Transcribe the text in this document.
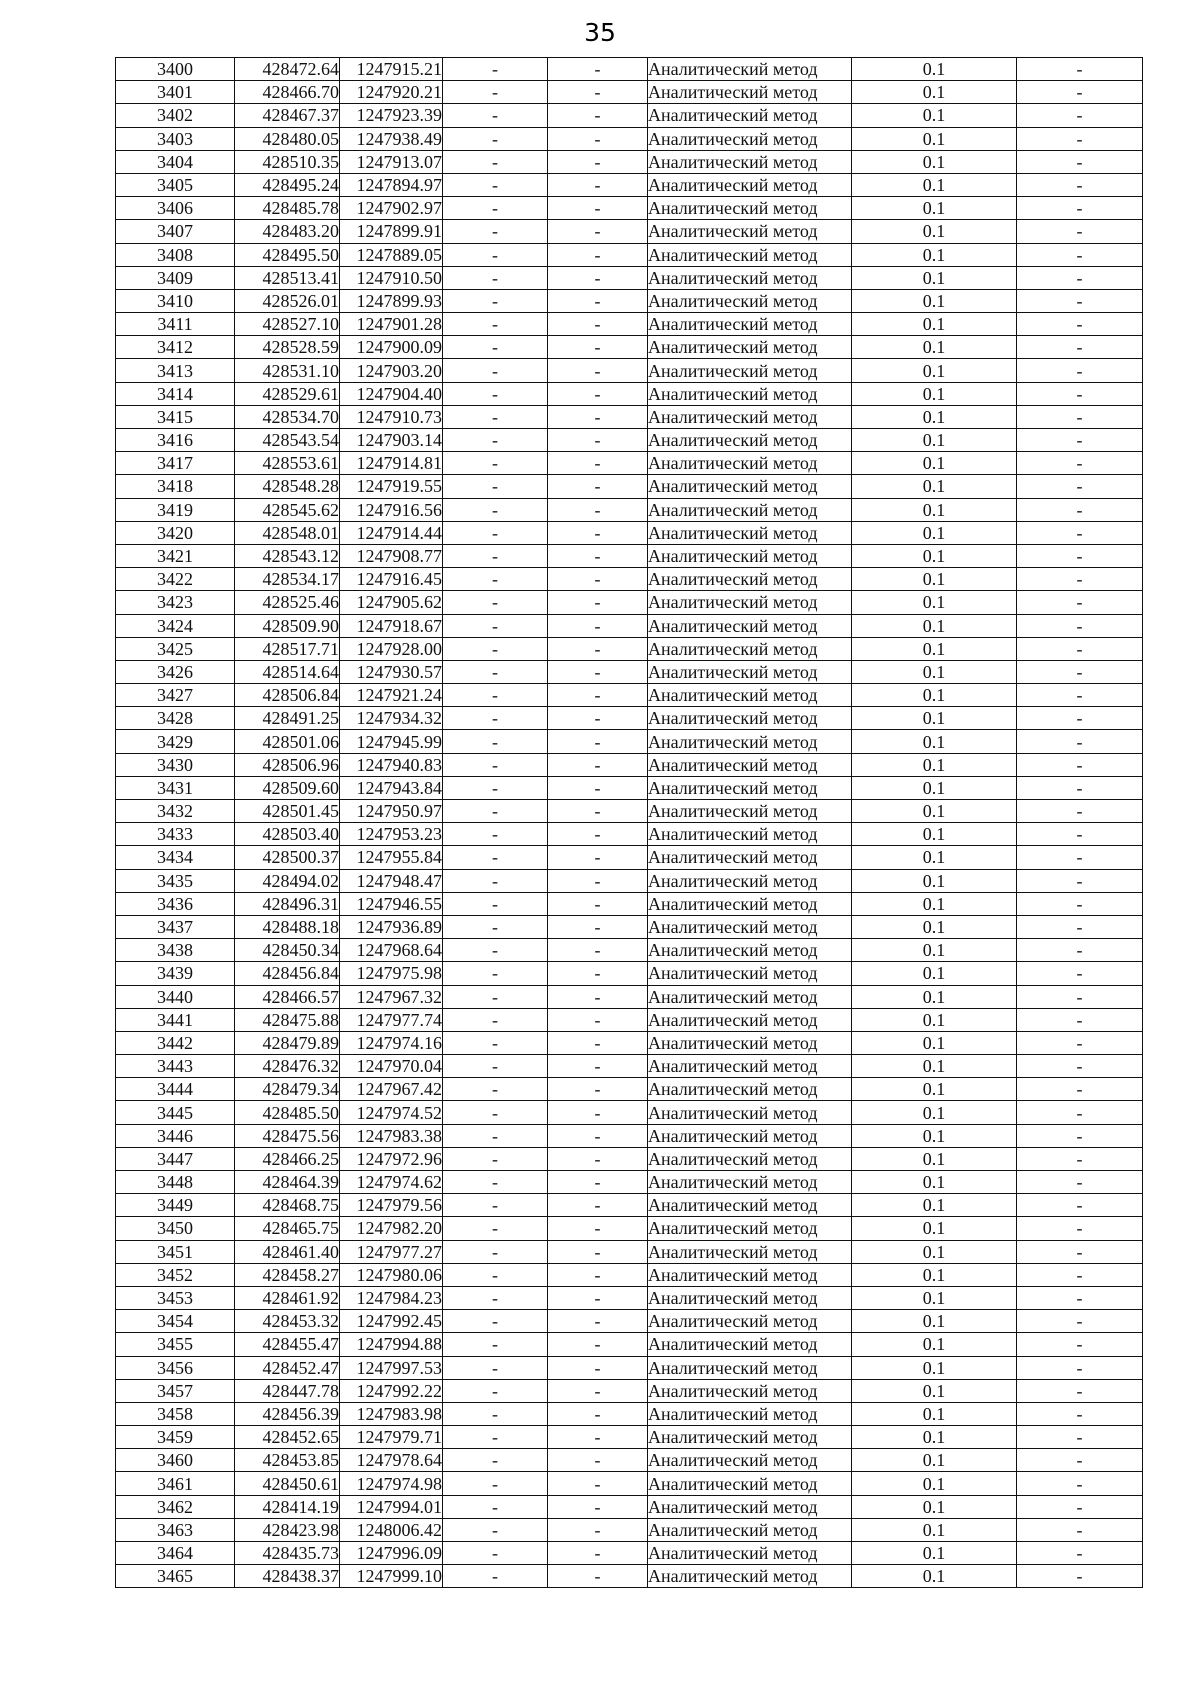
35
3400	428472.64	1247915.21	-	-	Аналитический метод	0.1	-
3401	428466.70	1247920.21	-	-	Аналитический метод	0.1	-
3402	428467.37	1247923.39	-	-	Аналитический метод	0.1	-
3403	428480.05	1247938.49	-	-	Аналитический метод	0.1	-
3404	428510.35	1247913.07	-	-	Аналитический метод	0.1	-
3405	428495.24	1247894.97	-	-	Аналитический метод	0.1	-
3406	428485.78	1247902.97	-	-	Аналитический метод	0.1	-
3407	428483.20	1247899.91	-	-	Аналитический метод	0.1	-
3408	428495.50	1247889.05	-	-	Аналитический метод	0.1	-
3409	428513.41	1247910.50	-	-	Аналитический метод	0.1	-
3410	428526.01	1247899.93	-	-	Аналитический метод	0.1	-
3411	428527.10	1247901.28	-	-	Аналитический метод	0.1	-
3412	428528.59	1247900.09	-	-	Аналитический метод	0.1	-
3413	428531.10	1247903.20	-	-	Аналитический метод	0.1	-
3414	428529.61	1247904.40	-	-	Аналитический метод	0.1	-
3415	428534.70	1247910.73	-	-	Аналитический метод	0.1	-
3416	428543.54	1247903.14	-	-	Аналитический метод	0.1	-
3417	428553.61	1247914.81	-	-	Аналитический метод	0.1	-
3418	428548.28	1247919.55	-	-	Аналитический метод	0.1	-
3419	428545.62	1247916.56	-	-	Аналитический метод	0.1	-
3420	428548.01	1247914.44	-	-	Аналитический метод	0.1	-
3421	428543.12	1247908.77	-	-	Аналитический метод	0.1	-
3422	428534.17	1247916.45	-	-	Аналитический метод	0.1	-
3423	428525.46	1247905.62	-	-	Аналитический метод	0.1	-
3424	428509.90	1247918.67	-	-	Аналитический метод	0.1	-
3425	428517.71	1247928.00	-	-	Аналитический метод	0.1	-
3426	428514.64	1247930.57	-	-	Аналитический метод	0.1	-
3427	428506.84	1247921.24	-	-	Аналитический метод	0.1	-
3428	428491.25	1247934.32	-	-	Аналитический метод	0.1	-
3429	428501.06	1247945.99	-	-	Аналитический метод	0.1	-
3430	428506.96	1247940.83	-	-	Аналитический метод	0.1	-
3431	428509.60	1247943.84	-	-	Аналитический метод	0.1	-
3432	428501.45	1247950.97	-	-	Аналитический метод	0.1	-
3433	428503.40	1247953.23	-	-	Аналитический метод	0.1	-
3434	428500.37	1247955.84	-	-	Аналитический метод	0.1	-
3435	428494.02	1247948.47	-	-	Аналитический метод	0.1	-
3436	428496.31	1247946.55	-	-	Аналитический метод	0.1	-
3437	428488.18	1247936.89	-	-	Аналитический метод	0.1	-
3438	428450.34	1247968.64	-	-	Аналитический метод	0.1	-
3439	428456.84	1247975.98	-	-	Аналитический метод	0.1	-
3440	428466.57	1247967.32	-	-	Аналитический метод	0.1	-
3441	428475.88	1247977.74	-	-	Аналитический метод	0.1	-
3442	428479.89	1247974.16	-	-	Аналитический метод	0.1	-
3443	428476.32	1247970.04	-	-	Аналитический метод	0.1	-
3444	428479.34	1247967.42	-	-	Аналитический метод	0.1	-
3445	428485.50	1247974.52	-	-	Аналитический метод	0.1	-
3446	428475.56	1247983.38	-	-	Аналитический метод	0.1	-
3447	428466.25	1247972.96	-	-	Аналитический метод	0.1	-
3448	428464.39	1247974.62	-	-	Аналитический метод	0.1	-
3449	428468.75	1247979.56	-	-	Аналитический метод	0.1	-
3450	428465.75	1247982.20	-	-	Аналитический метод	0.1	-
3451	428461.40	1247977.27	-	-	Аналитический метод	0.1	-
3452	428458.27	1247980.06	-	-	Аналитический метод	0.1	-
3453	428461.92	1247984.23	-	-	Аналитический метод	0.1	-
3454	428453.32	1247992.45	-	-	Аналитический метод	0.1	-
3455	428455.47	1247994.88	-	-	Аналитический метод	0.1	-
3456	428452.47	1247997.53	-	-	Аналитический метод	0.1	-
3457	428447.78	1247992.22	-	-	Аналитический метод	0.1	-
3458	428456.39	1247983.98	-	-	Аналитический метод	0.1	-
3459	428452.65	1247979.71	-	-	Аналитический метод	0.1	-
3460	428453.85	1247978.64	-	-	Аналитический метод	0.1	-
3461	428450.61	1247974.98	-	-	Аналитический метод	0.1	-
3462	428414.19	1247994.01	-	-	Аналитический метод	0.1	-
3463	428423.98	1248006.42	-	-	Аналитический метод	0.1	-
3464	428435.73	1247996.09	-	-	Аналитический метод	0.1	-
3465	428438.37	1247999.10	-	-	Аналитический метод	0.1	-
